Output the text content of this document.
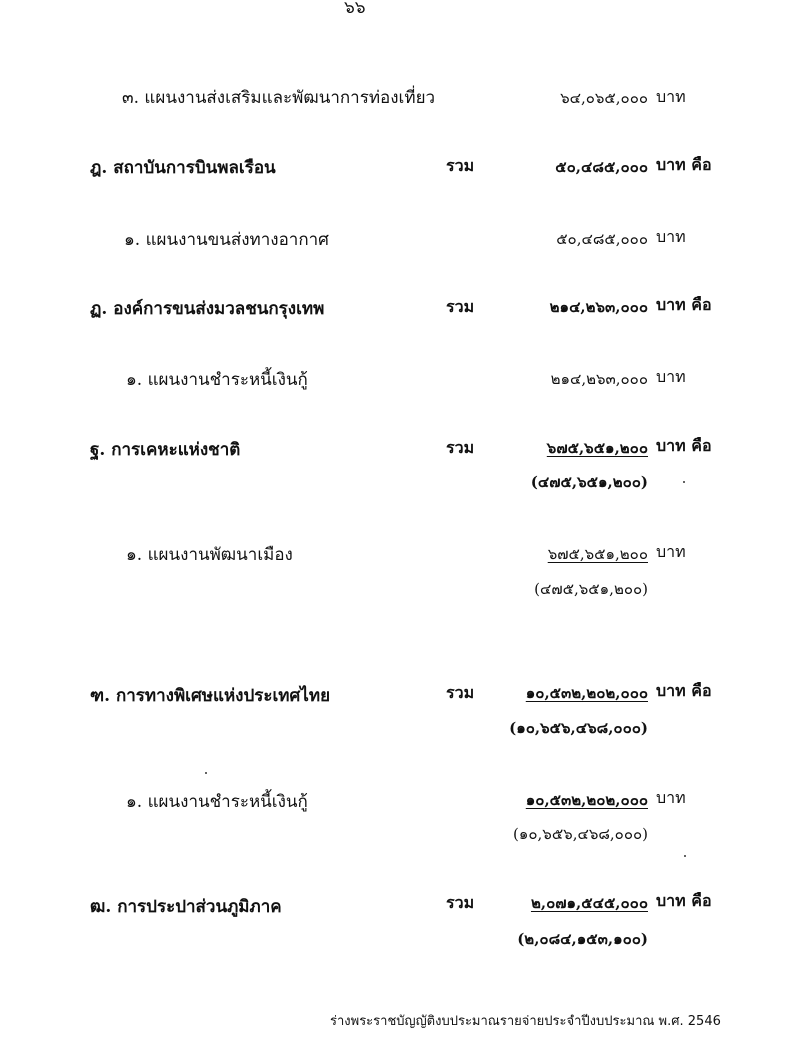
๖๖
๓. แผนงานส่งเสริมและพัฒนาการท่องเที่ยว	๖๔,๐๖๕,๐๐๐ บาท
ฎ. สถาบันการบินพลเรือน	รวม	๕๐,๔๘๕,๐๐๐ บาท คือ
๑. แผนงานขนส่งทางอากาศ	๕๐,๔๘๕,๐๐๐ บาท
ฏ. องค์การขนส่งมวลชนกรุงเทพ	รวม	๒๑๔,๒๖๓,๐๐๐ บาท คือ
๑. แผนงานชำระหนี้เงินกู้	๒๑๔,๒๖๓,๐๐๐ บาท
ฐ. การเคหะแห่งชาติ	รวม	๖๗๕,๖๕๑,๒๐๐ บาท คือ
(๔๗๕,๖๕๑,๒๐๐)
๑. แผนงานพัฒนาเมือง	๖๗๕,๖๕๑,๒๐๐ บาท
(๔๗๕,๖๕๑,๒๐๐)
ฑ. การทางพิเศษแห่งประเทศไทย	รวม	๑๐,๕๓๒,๒๐๒,๐๐๐ บาท คือ
(๑๐,๖๕๖,๔๖๘,๐๐๐)
๑. แผนงานชำระหนี้เงินกู้	๑๐,๕๓๒,๒๐๒,๐๐๐ บาท
(๑๐,๖๕๖,๔๖๘,๐๐๐)
ฒ. การประปาส่วนภูมิภาค	รวม	๒,๐๗๑,๕๔๕,๐๐๐ บาท คือ
(๒,๐๘๔,๑๕๓,๑๐๐)
ร่างพระราชบัญญัติงบประมาณรายจ่ายประจำปีงบประมาณ พ.ศ. 2546
